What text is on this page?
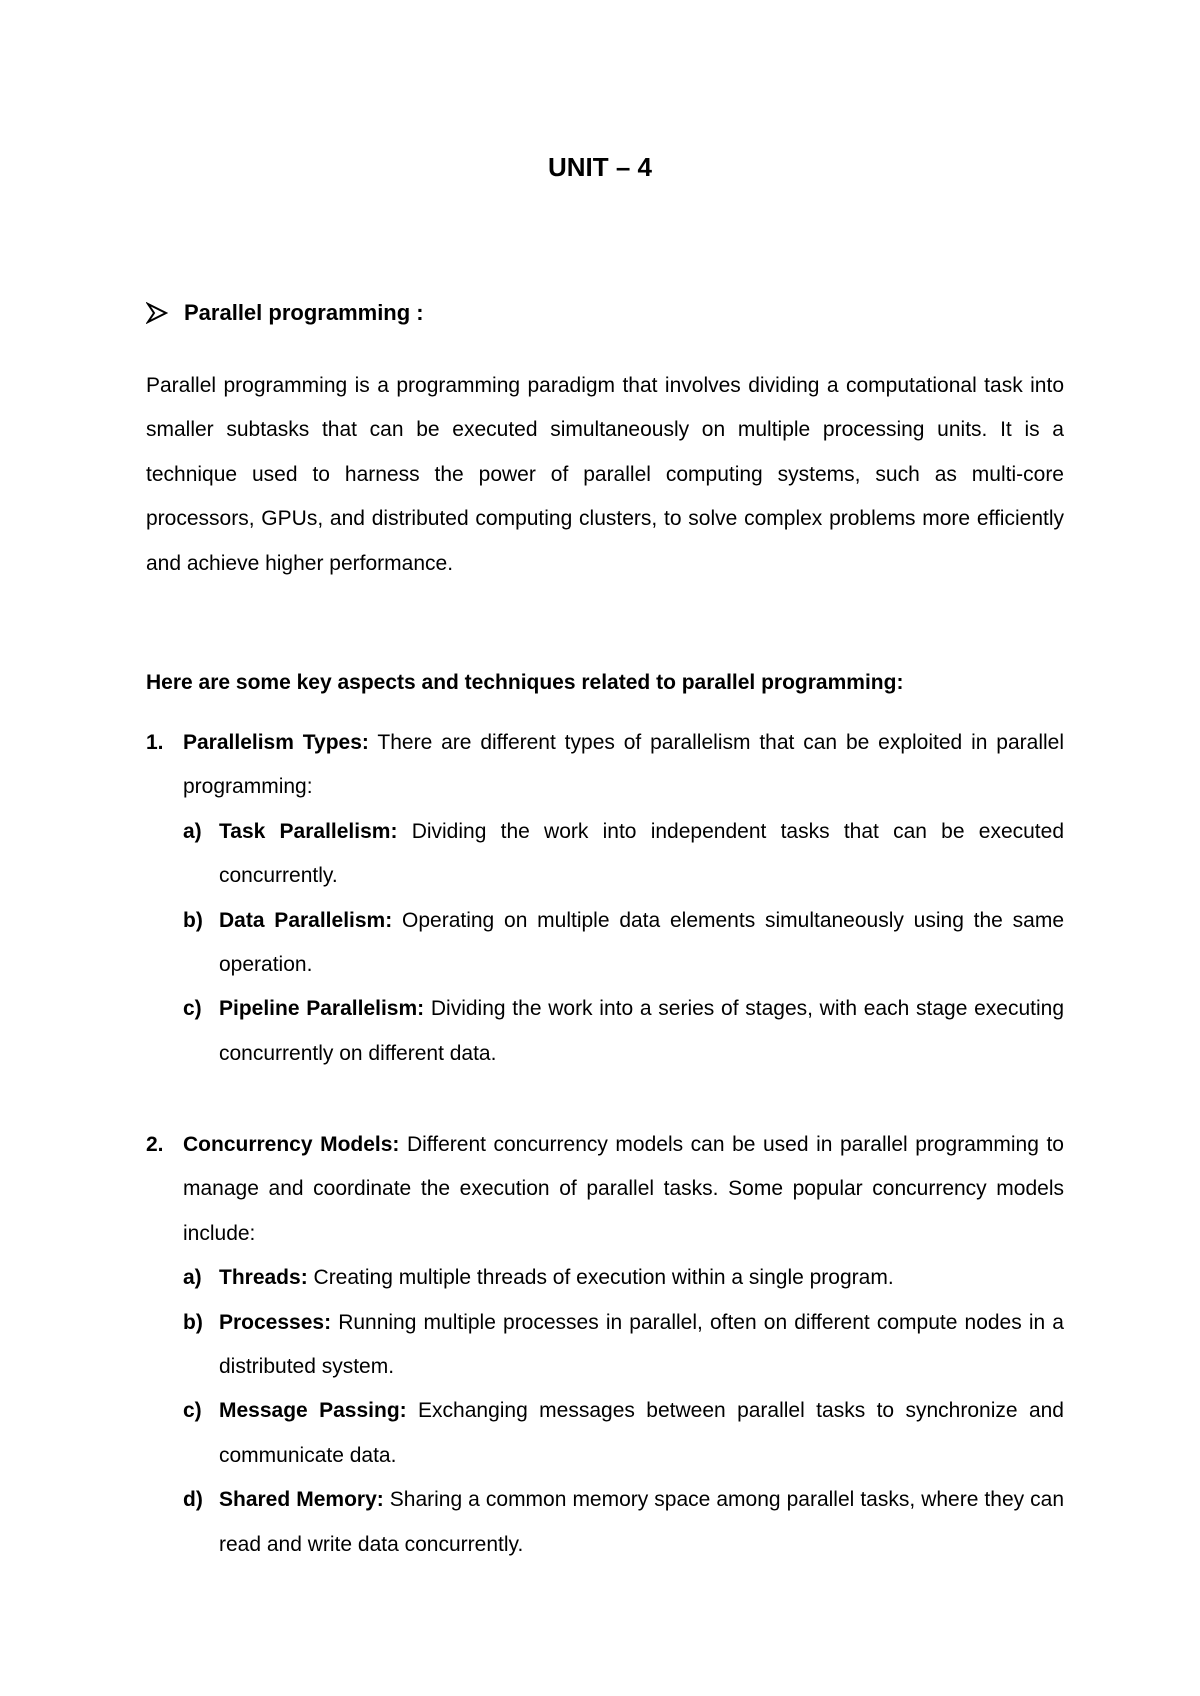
UNIT – 4
Parallel programming :

Parallel programming is a programming paradigm that involves dividing a computational task into smaller subtasks that can be executed simultaneously on multiple processing units. It is a technique used to harness the power of parallel computing systems, such as multi-core processors, GPUs, and distributed computing clusters, to solve complex problems more efficiently and achieve higher performance.

Here are some key aspects and techniques related to parallel programming:

1. Parallelism Types: There are different types of parallelism that can be exploited in parallel programming:
a) Task Parallelism: Dividing the work into independent tasks that can be executed concurrently.
b) Data Parallelism: Operating on multiple data elements simultaneously using the same operation.
c) Pipeline Parallelism: Dividing the work into a series of stages, with each stage executing concurrently on different data.
2. Concurrency Models: Different concurrency models can be used in parallel programming to manage and coordinate the execution of parallel tasks. Some popular concurrency models include:
a) Threads: Creating multiple threads of execution within a single program.
b) Processes: Running multiple processes in parallel, often on different compute nodes in a distributed system.
c) Message Passing: Exchanging messages between parallel tasks to synchronize and communicate data.
d) Shared Memory: Sharing a common memory space among parallel tasks, where they can read and write data concurrently.
